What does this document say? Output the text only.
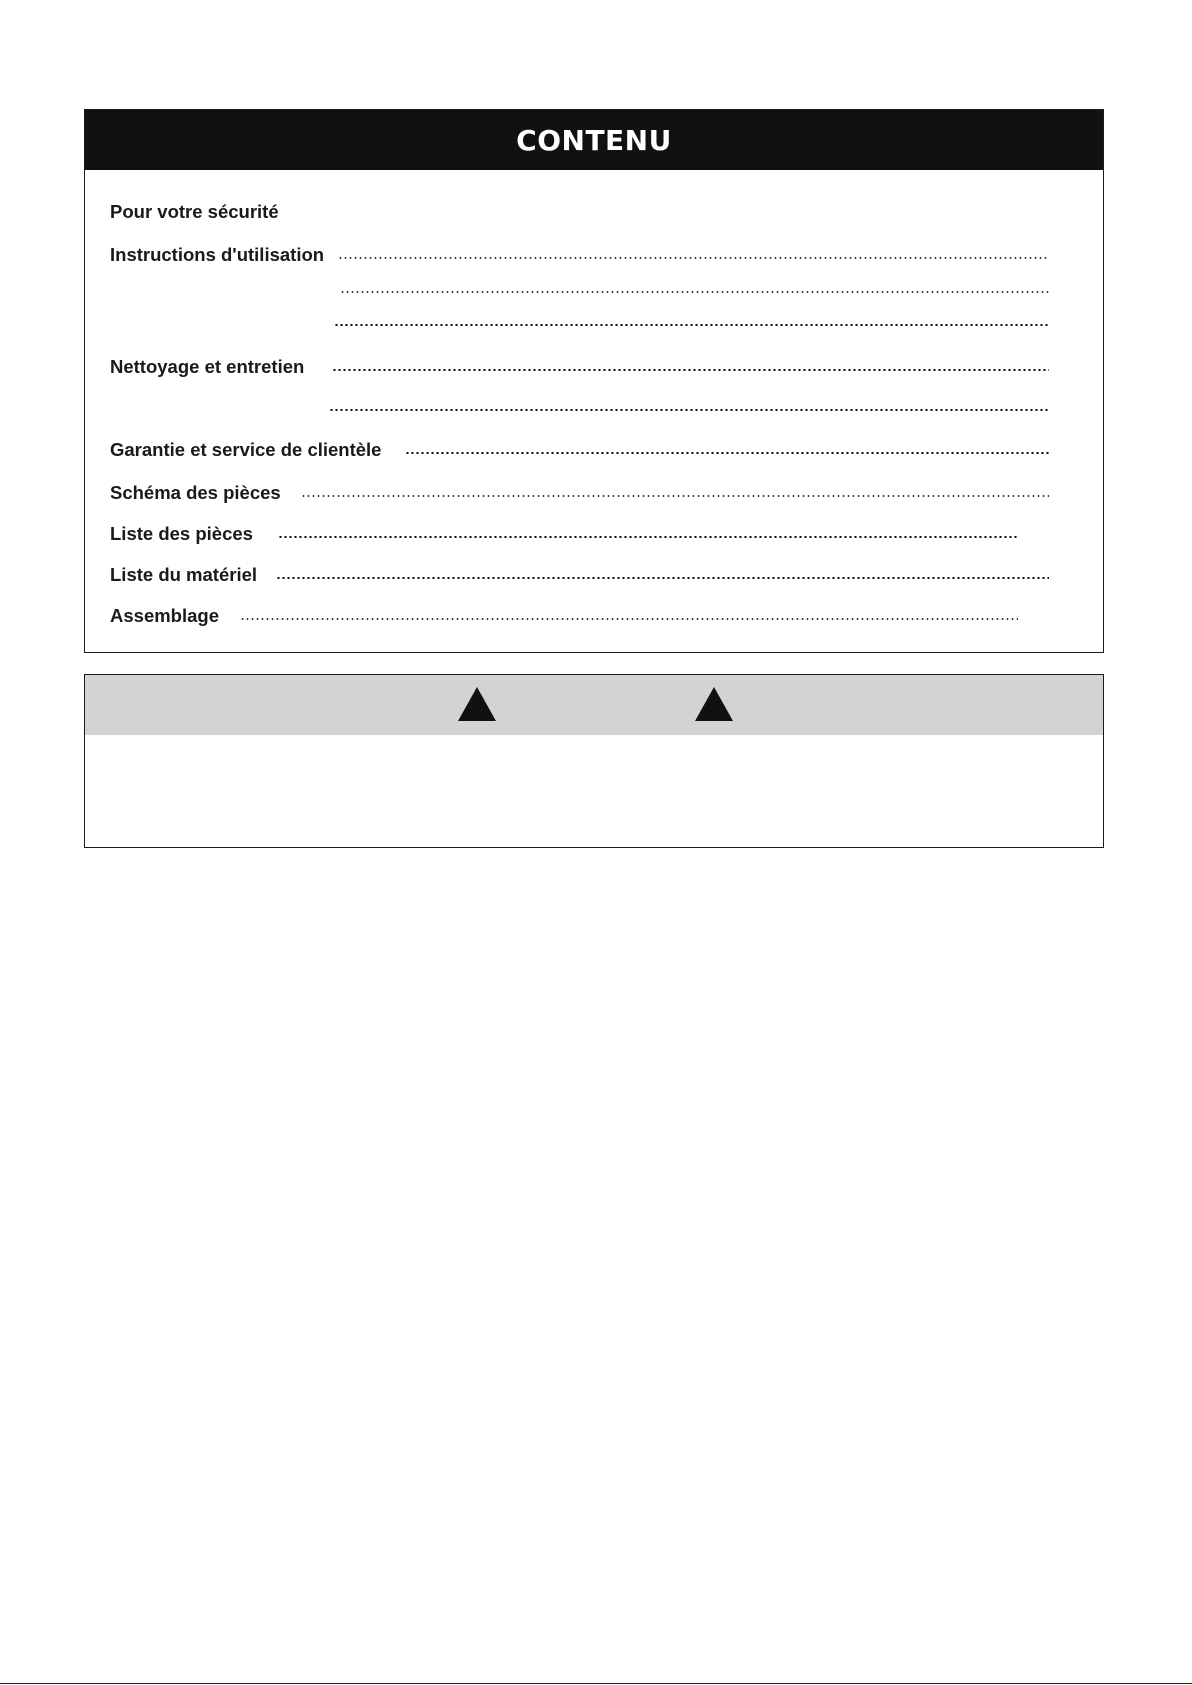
CONTENU
Pour votre sécurité
Instructions d'utilisation
Nettoyage et entretien
Garantie et service de clientèle
Schéma des pièces
Liste des pièces
Liste du matériel
Assemblage
